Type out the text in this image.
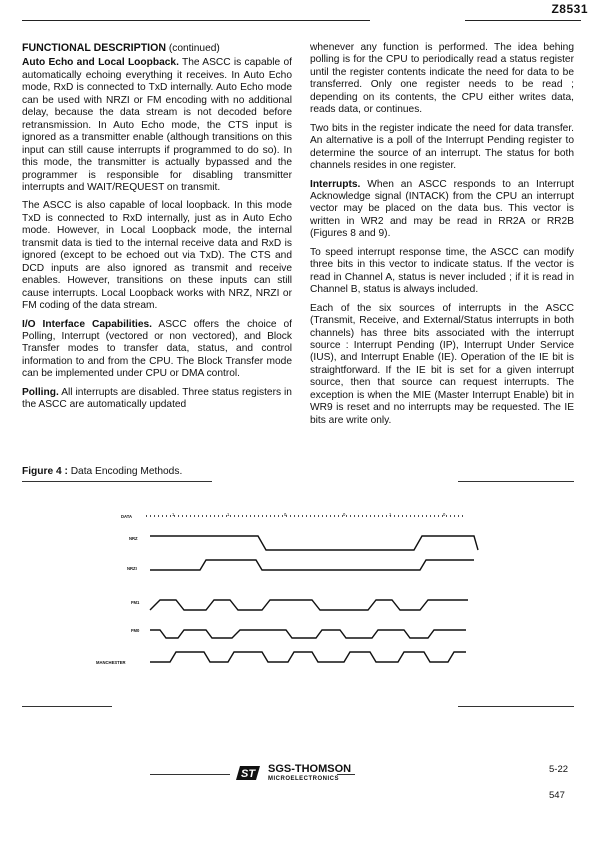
Z8531

FUNCTIONAL DESCRIPTION (continued)

Auto Echo and Local Loopback. The ASCC is capable of automatically echoing everything it receives. In Auto Echo mode, RxD is connected to TxD internally. Auto Echo mode can be used with NRZI or FM encoding with no additional delay, because the data stream is not decoded before retransmission. In Auto Echo mode, the CTS input is ignored as a transmitter enable (although transitions on this input can still cause interrupts if programmed to do so). In this mode, the transmitter is actually bypassed and the programmer is responsible for disabling transmitter interrupts and WAIT/REQUEST on transmit.

The ASCC is also capable of local loopback. In this mode TxD is connected to RxD internally, just as in Auto Echo mode. However, in Local Loopback mode, the internal transmit data is tied to the internal receive data and RxD is ignored (except to be echoed out via TxD). The CTS and DCD inputs are also ignored as transmit and receive enables. However, transitions on these inputs can still cause interrupts. Local Loopback works with NRZ, NRZI or FM coding of the data stream.

I/O Interface Capabilities. ASCC offers the choice of Polling, Interrupt (vectored or non vectored), and Block Transfer modes to transfer data, status, and control information to and from the CPU. The Block Transfer mode can be implemented under CPU or DMA control.

Polling. All interrupts are disabled. Three status registers in the ASCC are automatically updated

whenever any function is performed. The idea behing polling is for the CPU to periodically read a status register until the register contents indicate the need for data to be transferred. Only one register needs to be read ; depending on its contents, the CPU either writes data, reads data, or continues.

Two bits in the register indicate the need for data transfer. An alternative is a poll of the Interrupt Pending register to determine the source of an interrupt. The status for both channels resides in one register.

Interrupts. When an ASCC responds to an Interrupt Acknowledge signal (INTACK) from the CPU an interrupt vector may be placed on the data bus. This vector is written in WR2 and may be read in RR2A or RR2B (Figures 8 and 9).

To speed interrupt response time, the ASCC can modify three bits in this vector to indicate status. If the vector is read in Channel A, status is never included ; if it is read in Channel B, status is always included.

Each of the six sources of interrupts in the ASCC (Transmit, Receive, and External/Status interrupts in both channels) has three bits associated with the interrupt source : Interrupt Pending (IP), Interrupt Under Service (IUS), and Interrupt Enable (IE). Operation of the IE bit is straightforward. If the IE bit is set for a given interrupt source, then that source can request interrupts. The exception is when the MIE (Master Interrupt Enable) bit in WR9 is reset and no interrupts may be requested. The IE bits are write only.

Figure 4 : Data Encoding Methods.
DATA
NRZ
NRZI
FM1
FM0
MANCHESTER
1	1	0	0	1	0
ST SGS-THOMSON
MICROELECTRONICS
5-22
547
